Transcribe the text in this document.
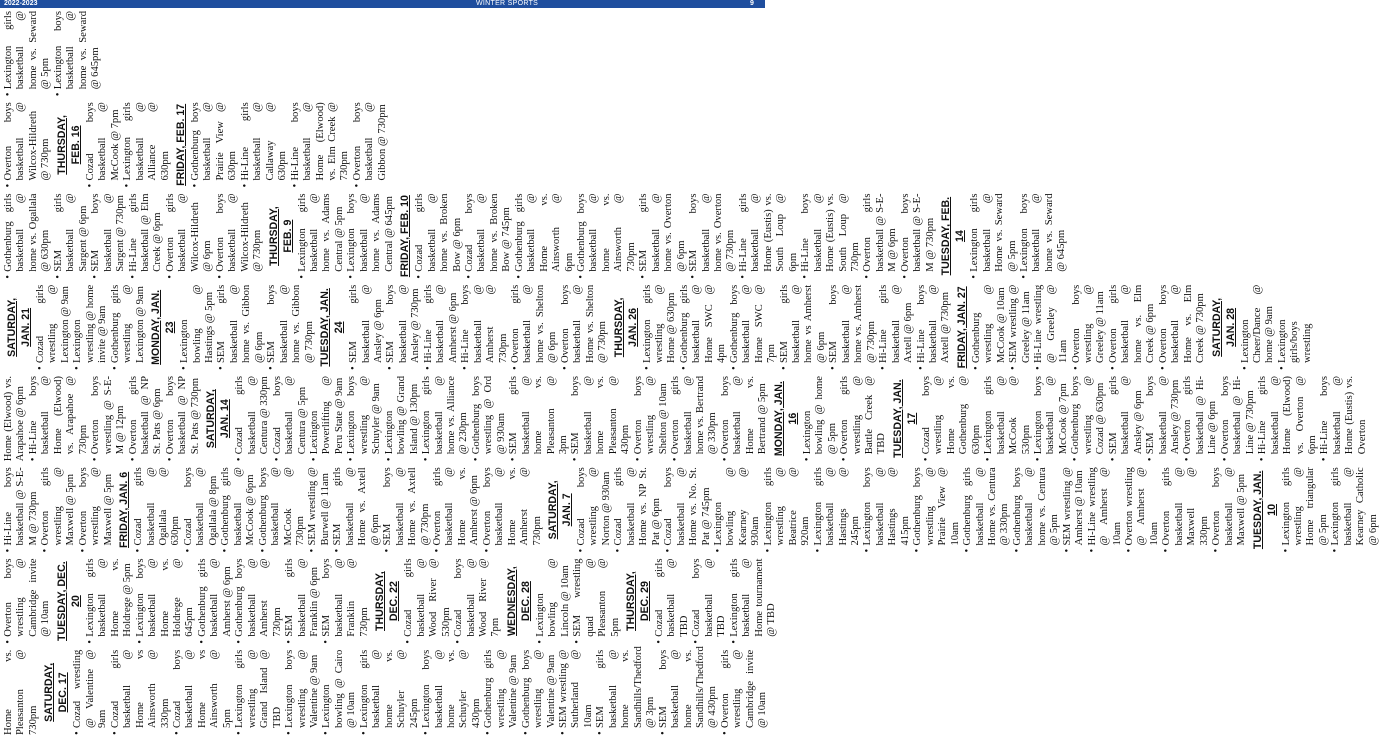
2022-2023	WINTER SPORTS	9
Home vs. Pleasanton @ 730pm SATURDAY, DEC. 17 • Cozad wrestling @ Valentine @ 9am • Cozad girls basketball @ Home vs Ainsworth @ 330pm • Cozad boys basketball @ Home vs Ainsworth @ 5pm • Lexington girls wrestling @ Grand Island @ TBD • Lexington boys wrestling @ Valentine @ 9am • Lexington bowling @ Cairo @ 10am • Lexington girls basketball @ home vs. Schuyler @ 245pm • Lexington boys basketball @ home vs. Schuyler @ 430pm • Gothenburg girls wrestling @ Valentine @ 9am • Gothenburg boys wrestling @ Valentine @ 9am • SEM wrestling @ Sutherland @ 10am • SEM girls basketball @ home vs. Sandhills/Thedford @ 3pm • SEM boys basketball @ home vs. Sandhills/Thedford @ 430pm • Overton girls wrestling @ Cambridge invite @ 10am
• Overton boys wrestling @ Cambridge invite @ 10am TUESDAY, DEC. 20 • Lexington girls basketball @ Home vs. Holdrege @ 5pm • Lexington boys basketball @ Home vs. Holdrege @ 645pm • Gothenburg girls basketball @ Amherst @ 6pm • Gothenburg boys basketball @ Amherst @ 730pm • SEM girls basketball @ Franklin @ 6pm • SEM boys basketball @ Franklin @ 730pm THURSDAY, DEC. 22 • Cozad girls basketball @ Wood River @ 530pm • Cozad boys basketball @ Wood River @ 7pm WEDNESDAY, DEC. 28 • Lexington bowling @ Lincoln @ 10am • SEM wrestling quad @ Pleasanton @ 5pm THURSDAY, DEC. 29 • Cozad girls basketball @ TBD • Cozad boys basketball @ TBD • Lexington girls basketball @ Home tournament @ TBD
• Hi-Line boys basketball @ S-E-M @ 730pm • Overton girls wrestling @ Maxwell @ 5pm • Overton boys wrestling @ Maxwell @ 5pm FRIDAY, JAN. 6 • Cozad girls basketball @ Ogallala @ 630pm • Cozad boys basketball @ Ogallala @ 8pm • Gothenburg girls basketball @ McCook @ 6pm • Gothenburg boys basketball @ McCook @ 730pm • SEM wrestling @ Burwell @ 11am • SEM girls basketball @ Home vs. Axtell @ 6pm • SEM boys basketball @ Home vs. Axtell @ 730pm • Overton girls basketball @ Home vs. Amherst @ 6pm • Overton boys basketball @ Home vs. Amherst @ 730pm SATURDAY, JAN. 7 • Cozad boys wrestling @ Norton @ 930am • Cozad girls basketball @ Home vs. NP St. Pat @ 6pm • Cozad boys basketball @ Home vs. No. St. Pat @ 745pm • Lexington bowling @ Kearney @ 930am • Lexington girls wrestling @ Beatrice @ 920am • Lexington girls basketball @ Hastings @ 245pm • Lexington boys basketball @ Hastings @ 415pm • Gothenburg boys wrestling @ Prairie View @ 10am • Gothenburg girls basketball @ Home vs. Centura @ 330pm • Gothenburg boys basketball @ home vs. Centura @ 5pm • SEM wrestling @ Amherst @ 10am • Hi-Line wrestling @ Amherst @ 10am • Overton wrestling @ Amherst @ 10am • Overton girls basketball @ Maxwell @ 330pm • Overton boys basketball @ Maxwell @ 5pm TUESDAY, JAN. 10 • Lexington girls wrestling @ Home triangular @ 5pm • Lexington girls basketball @ Kearney Catholic @ 6pm
Home (Elwood) vs. Arapahoe @ 6pm • Hi-Line boys basketball @ Home (Elwood) vs. Arapahoe @ 730pm • Overton boys wrestling @ S-E-M @ 12pm • Overton girls basketball @ NP St. Pats @ 6pm • Overton boys basketball @ NP St. Pats @ 730pm SATURDAY, JAN. 14 • Cozad girls basketball @ Centura @ 330pm • Cozad boys basketball @ Centura @ 5pm • Lexington Powerlifting @ Peru State @ 9am • Lexington boys wrestling @ Schuyler @ 9am • Lexington bowling @ Grand Island @ 130pm • Lexington girls basketball @ home vs. Alliance @ 230pm • Gothenburg boys wrestling @ Ord @ 930am • SEM girls basketball @ home vs. Pleasanton @ 3pm • SEM boys basketball @ home vs. Pleasanton @ 430pm • Overton boys wrestling @ Shelton @ 10am • Overton girls basketball @ home vs. Bertrand @ 330pm • Overton boys basketball @ Home vs. Bertrand @ 5pm MONDAY, JAN. 16 • Lexington bowling @ home @ 5pm • Overton girls wrestling @ Battle Creek @ TBD TUESDAY, JAN. 17 • Cozad boys wrestling @ Home vs. Gothenburg @ 630pm • Lexington girls basketball @ McCook @ 530pm • Lexington boys basketball @ McCook @ 7pm • Gothenburg boys wrestling @ Cozad @ 630pm • SEM girls basketball @ Ansley @ 6pm • SEM boys basketball @ Ansley @ 730pm • Overton girls basketball @ Hi-Line @ 6pm • Overton boys basketball @ Hi-Line @ 730pm • Hi-Line girls basketball @ Home (Elwood) vs. Overton @ 6pm • Hi-Line boys basketball @ Home (Eustis) vs. Overton
SATURDAY, JAN. 21 • Cozad girls wrestling @ Lexington @ 9am • Lexington wrestling @ home invite @ 9am • Gothenburg girls wrestling @ Lexington @ 9am MONDAY, JAN. 23 • Lexington bowling @ Hastings @ 5pm • SEM girls basketball @ home vs. Gibbon @ 6pm • SEM boys basketball @ home vs. Gibbon @ 730pm TUESDAY, JAN. 24 • SEM girls basketball @ Ansley @ 6pm • SEM boys basketball @ Ansley @ 730pm • Hi-Line girls basketball @ Amherst @ 6pm • Hi-Line boys basketball @ Amherst @ 730pm • Overton girls basketball @ home vs. Shelton @ 6pm • Overton boys basketball @ Home vs. Shelton @ 730pm THURSDAY, JAN. 26 • Lexington girls wrestling @ Home @ 630pm • Gothenburg girls basketball @ Home SWC @ 4pm • Gothenburg boys basketball @ Home SWC @ 7pm • SEM girls basketball @ home vs Amherst @ 6pm • SEM boys basketball @ home vs. Amherst @ 730pm • Hi-Line girls basketball @ Axtell @ 6pm • Hi-Line boys basketball @ Axtell @ 730pm FRIDAY, JAN. 27 • Gothenburg wrestling @ McCook @ 10am • SEM wrestling @ Greeley @ 11am • Hi-Line wrestling @ Greeley @ 11am • Overton boys wrestling @ Greeley @ 11am • Overton girls basketball @ home vs. Elm Creek @ 6pm • Overton boys basketball @ Home vs. Elm Creek @ 730pm SATURDAY, JAN. 28 • Lexington Cheer/Dance @ home @ 9am • Lexington girls/boys wrestling
• Gothenburg girls basketball @ home vs. Ogallala @ 630pm • SEM girls basketball @ Sargent @ 6pm • SEM boys basketball @ Sargent @ 730pm • Hi-Line girls basketball @ Elm Creek @ 6pm • Overton girls basketball @ Wilcox-Hildreth @ 6pm • Overton boys basketball @ Wilcox-Hildreth @ 730pm THURSDAY, FEB. 9 • Lexington girls basketball @ home vs. Adams Central @ 5pm • Lexington boys basketball @ home vs. Adams Central @ 645pm FRIDAY, FEB. 10 • Cozad girls basketball @ home vs. Broken Bow @ 6pm • Cozad boys basketball @ home vs. Broken Bow @ 745pm • Gothenburg girls basketball @ Home vs. Ainsworth @ 6pm • Gothenburg boys basketball @ home vs. Ainsworth @ 730pm • SEM girls basketball @ home vs. Overton @ 6pm • SEM boys basketball @ home vs. Overton @ 730pm • Hi-Line girls basketball @ Home (Eustis) vs. South Loup @ 6pm • Hi-Line boys basketball @ Home (Eustis) vs. South Loup @ 730pm • Overton girls basketball @ S-E-M @ 6pm • Overton boys basketball @ S-E-M @ 730pm TUESDAY, FEB. 14 • Lexington girls basketball @ Home vs. Seward @ 5pm • Lexington boys basketball @ home vs. Seward @ 645pm
• Overton boys basketball @ Wilcox-Hildreth @ 730pm THURSDAY, FEB. 16 • Cozad boys basketball @ McCook @ 7pm • Lexington girls basketball @ Alliance @ 630pm FRIDAY, FEB. 17 • Gothenburg boys basketball @ Prairie View @ 630pm • Hi-Line girls basketball @ Callaway @ 630pm • Hi-Line boys basketball @ Home (Elwood) vs. Elm Creek @ 730pm • Overton boys basketball @ Gibbon @ 730pm
• Lexington girls basketball @ home vs. Seward @ 5pm • Lexington boys basketball @ home vs. Seward @ 645pm
